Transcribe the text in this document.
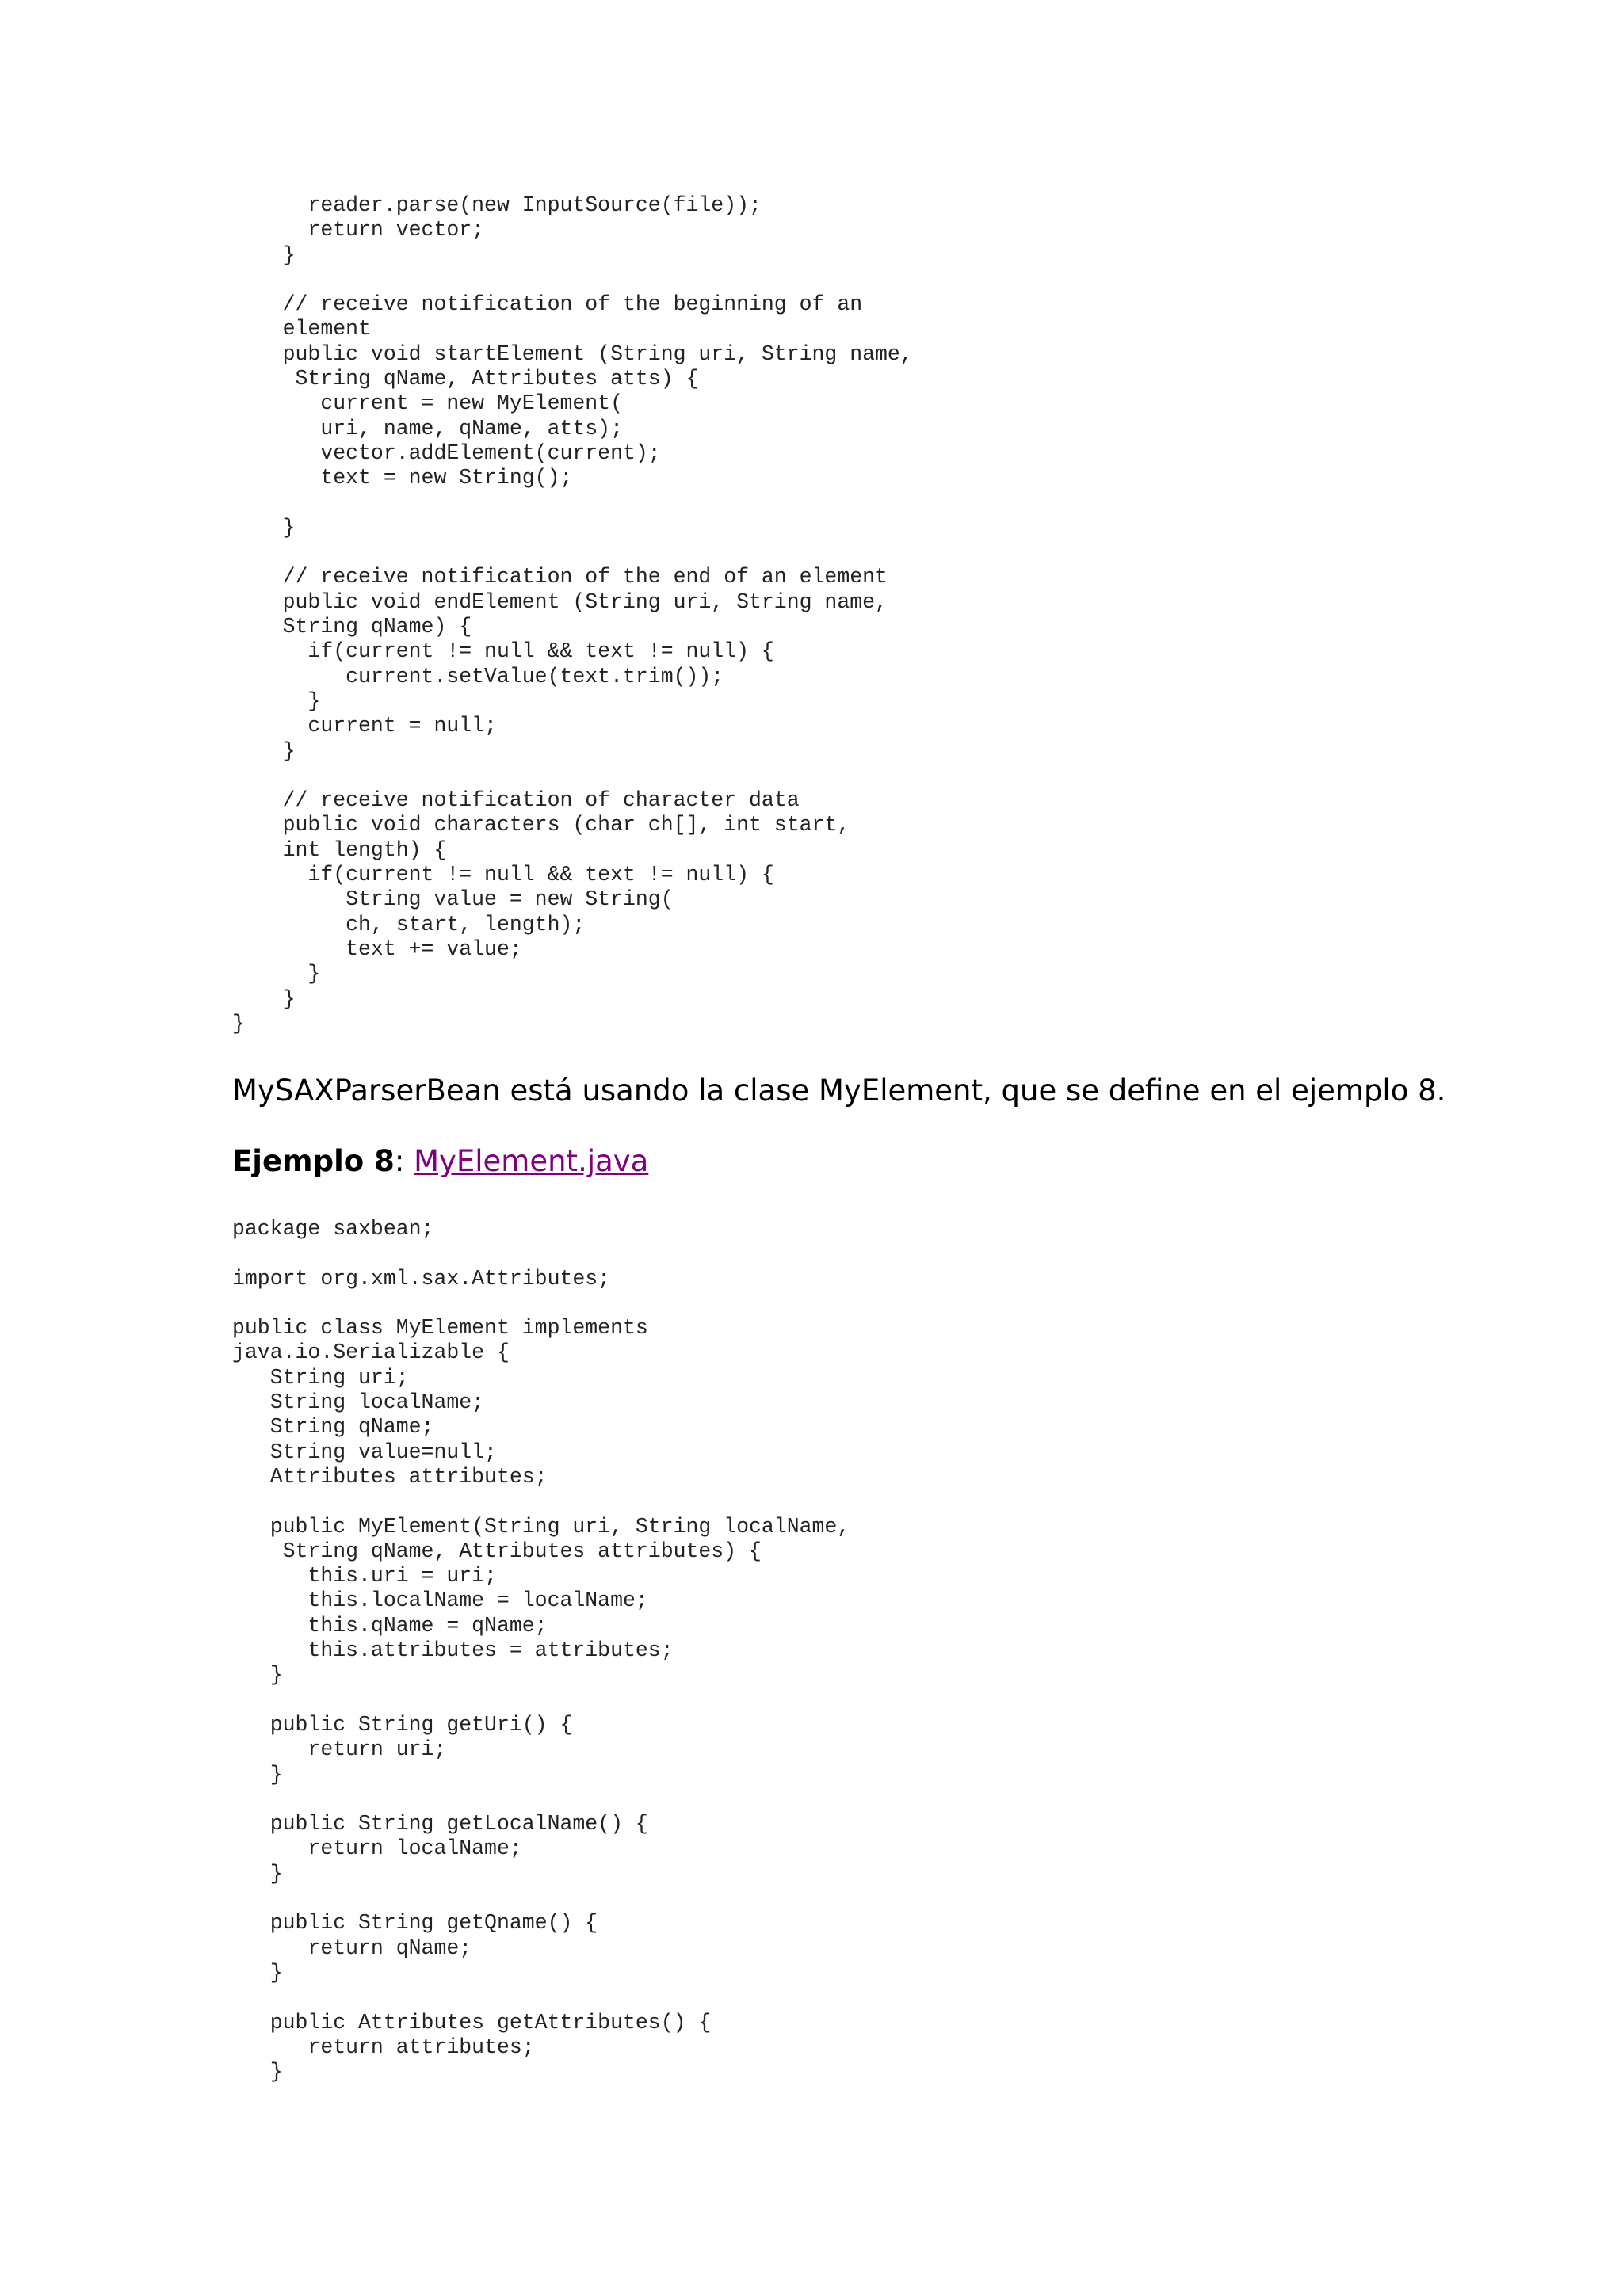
reader.parse(new InputSource(file));
return vector;
}

// receive notification of the beginning of an
element
public void startElement (String uri, String name,
String qName, Attributes atts) {
current = new MyElement(
uri, name, qName, atts);
vector.addElement(current);
text = new String();

}

// receive notification of the end of an element
public void endElement (String uri, String name,
String qName) {
if(current != null && text != null) {
current.setValue(text.trim());
}
current = null;
}

// receive notification of character data
public void characters (char ch[], int start,
int length) {
if(current != null && text != null) {
String value = new String(
ch, start, length);
text += value;
}
}
}

MySAXParserBean está usando la clase MyElement, que se define en el ejemplo 8.

Ejemplo 8: MyElement.java

package saxbean;

import org.xml.sax.Attributes;

public class MyElement implements
java.io.Serializable {
String uri;
String localName;
String qName;
String value=null;
Attributes attributes;

public MyElement(String uri, String localName,
String qName, Attributes attributes) {
this.uri = uri;
this.localName = localName;
this.qName = qName;
this.attributes = attributes;
}

public String getUri() {
return uri;
}

public String getLocalName() {
return localName;
}

public String getQname() {
return qName;
}

public Attributes getAttributes() {
return attributes;
}
